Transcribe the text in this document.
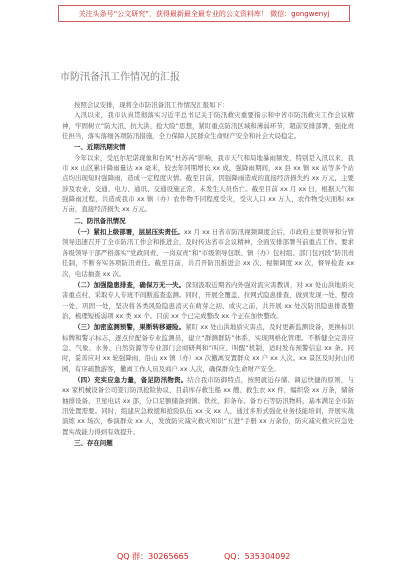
关注头条号“公文研究”，获得最新最全最专业的公文资料库！ 微信：gongwenyj
市防汛备汛工作情况的汇报

按照会议安排，现将全市防汛备汛工作情况汇报如下：

入汛以来，我市认真贯彻落实习近平总书记关于防汛救灾重要指示和中省市防汛救灾工作会议精神，牢固树立“防大汛、抗大洪、抢大险”思想，紧盯重点防汛区域和薄弱环节，超前安排部署，强化责任担当，落实落细各项防汛措施，全力保障人民群众生命财产安全和社会大局稳定。

一、近期汛期灾情

今年以来，受厄尔尼诺现象和台风“杜苏芮”影响，我市天气和局地暴雨频发，特别是入汛以来，我市 xx 山区累计降雨量达 xx 毫米，较去年同期增长 xx 成，强降雨期间，xx 县 xx 镇 xx 站等多个站点均出现短时强降雨，造成一定程度灾情。截至目前，因强降雨造成的直接经济损失约 xx 万元，主要涉及农业、交通、电力、通讯、交通设施正常，未发生人员伤亡。截至目前 xx 月 xx 日，根据天气和强降雨过程，共造成我市 xx 镇（办）农作物不同程度受灾，受灾人口 xx 万人，农作物受灾面积 xx 万亩，直接经济损失 xx 万元。

二、防汛备汛情况

（一）紧扣上级部署，层层压实责任。xx 月 xx 日省市防汛视频调度会后，市政府主要领导和分管领导迅速召开了全市防汛工作会和推进会，及时传达省市会议精神，全面安排部署当前重点工作。要求各级领导干部严格落实“党政同责、一岗双责”和“市级领导包联、镇（办）包村组、部门包河段”防汛责任制，不断夯实各项防汛责任。截至目前，共召开防汛推进会 xx 次、视频调度 xx 次，督导检查 xx 次，电话抽查 xx 次。

（二）加强隐患排查，确保万无一失。深刻汲取近期省内外强对流灾害教训，对 xx 处山洪地质灾害重点村、采取专人专班不间断巡查监测。同时，开展全覆盖、拉网式隐患排查，做到发现一处、整改一处、巩固一处，坚决将各类风险隐患消灭在萌芽之初、成灾之前，共开展 xx 处次防汛隐患排查整治，梳理短板弱项 xx 类 xx 个。目前 xx 个已完成整改 xx 个正在加快整改。

（三）加密监测预警，果断转移避险。紧盯 xx 处山洪地质灾害点，及时更新监测设备，更换标识标牌和警示标志，逐点位配备专业监测员，建立“群测群防”体系，实现网格化管理。不断健全完善应急、气象、水务、自然资源等专业部门会商研判和“叫应、叫醒”机制，适时发布预警信息 xx 条。同时，妥善应对 xx 轮强降雨，沿山 xx 镇（办）xx 次撤离安置群众 xx 户 xx 人次。xx 景区及时封山闭园，有序疏散游客，撤离工作人员及商户 xx 人次，确保群众生命财产安全。

（四）充实应急力量，备足防汛物资。结合我市防御特点，按照就近存储、调运快捷的原则，与 xx 家机械设备公司签订防汛抢险协议，目前库存救生船 xx 艘、救生衣 xx 件，编织袋 xx 万条，储备抽排设备、卫星电话 xx 部，分口足额储备到镇、铁丝、彩条布、备方石等防汛物料，基本满足全市防汛处置需要。同时，组建应急救援和抢险队伍 xx 支 xx 人，通过多形式强化业务技能培训，开展实战演练 xx 场次，参演群众 xx 人，发放防灾减灾救灾知识“五进”手册 xx 万余份，防灾减灾救灾应急处置实战能力得到有效提升。

三、存在问题

QQ 群：30265665	QQ：535304092
